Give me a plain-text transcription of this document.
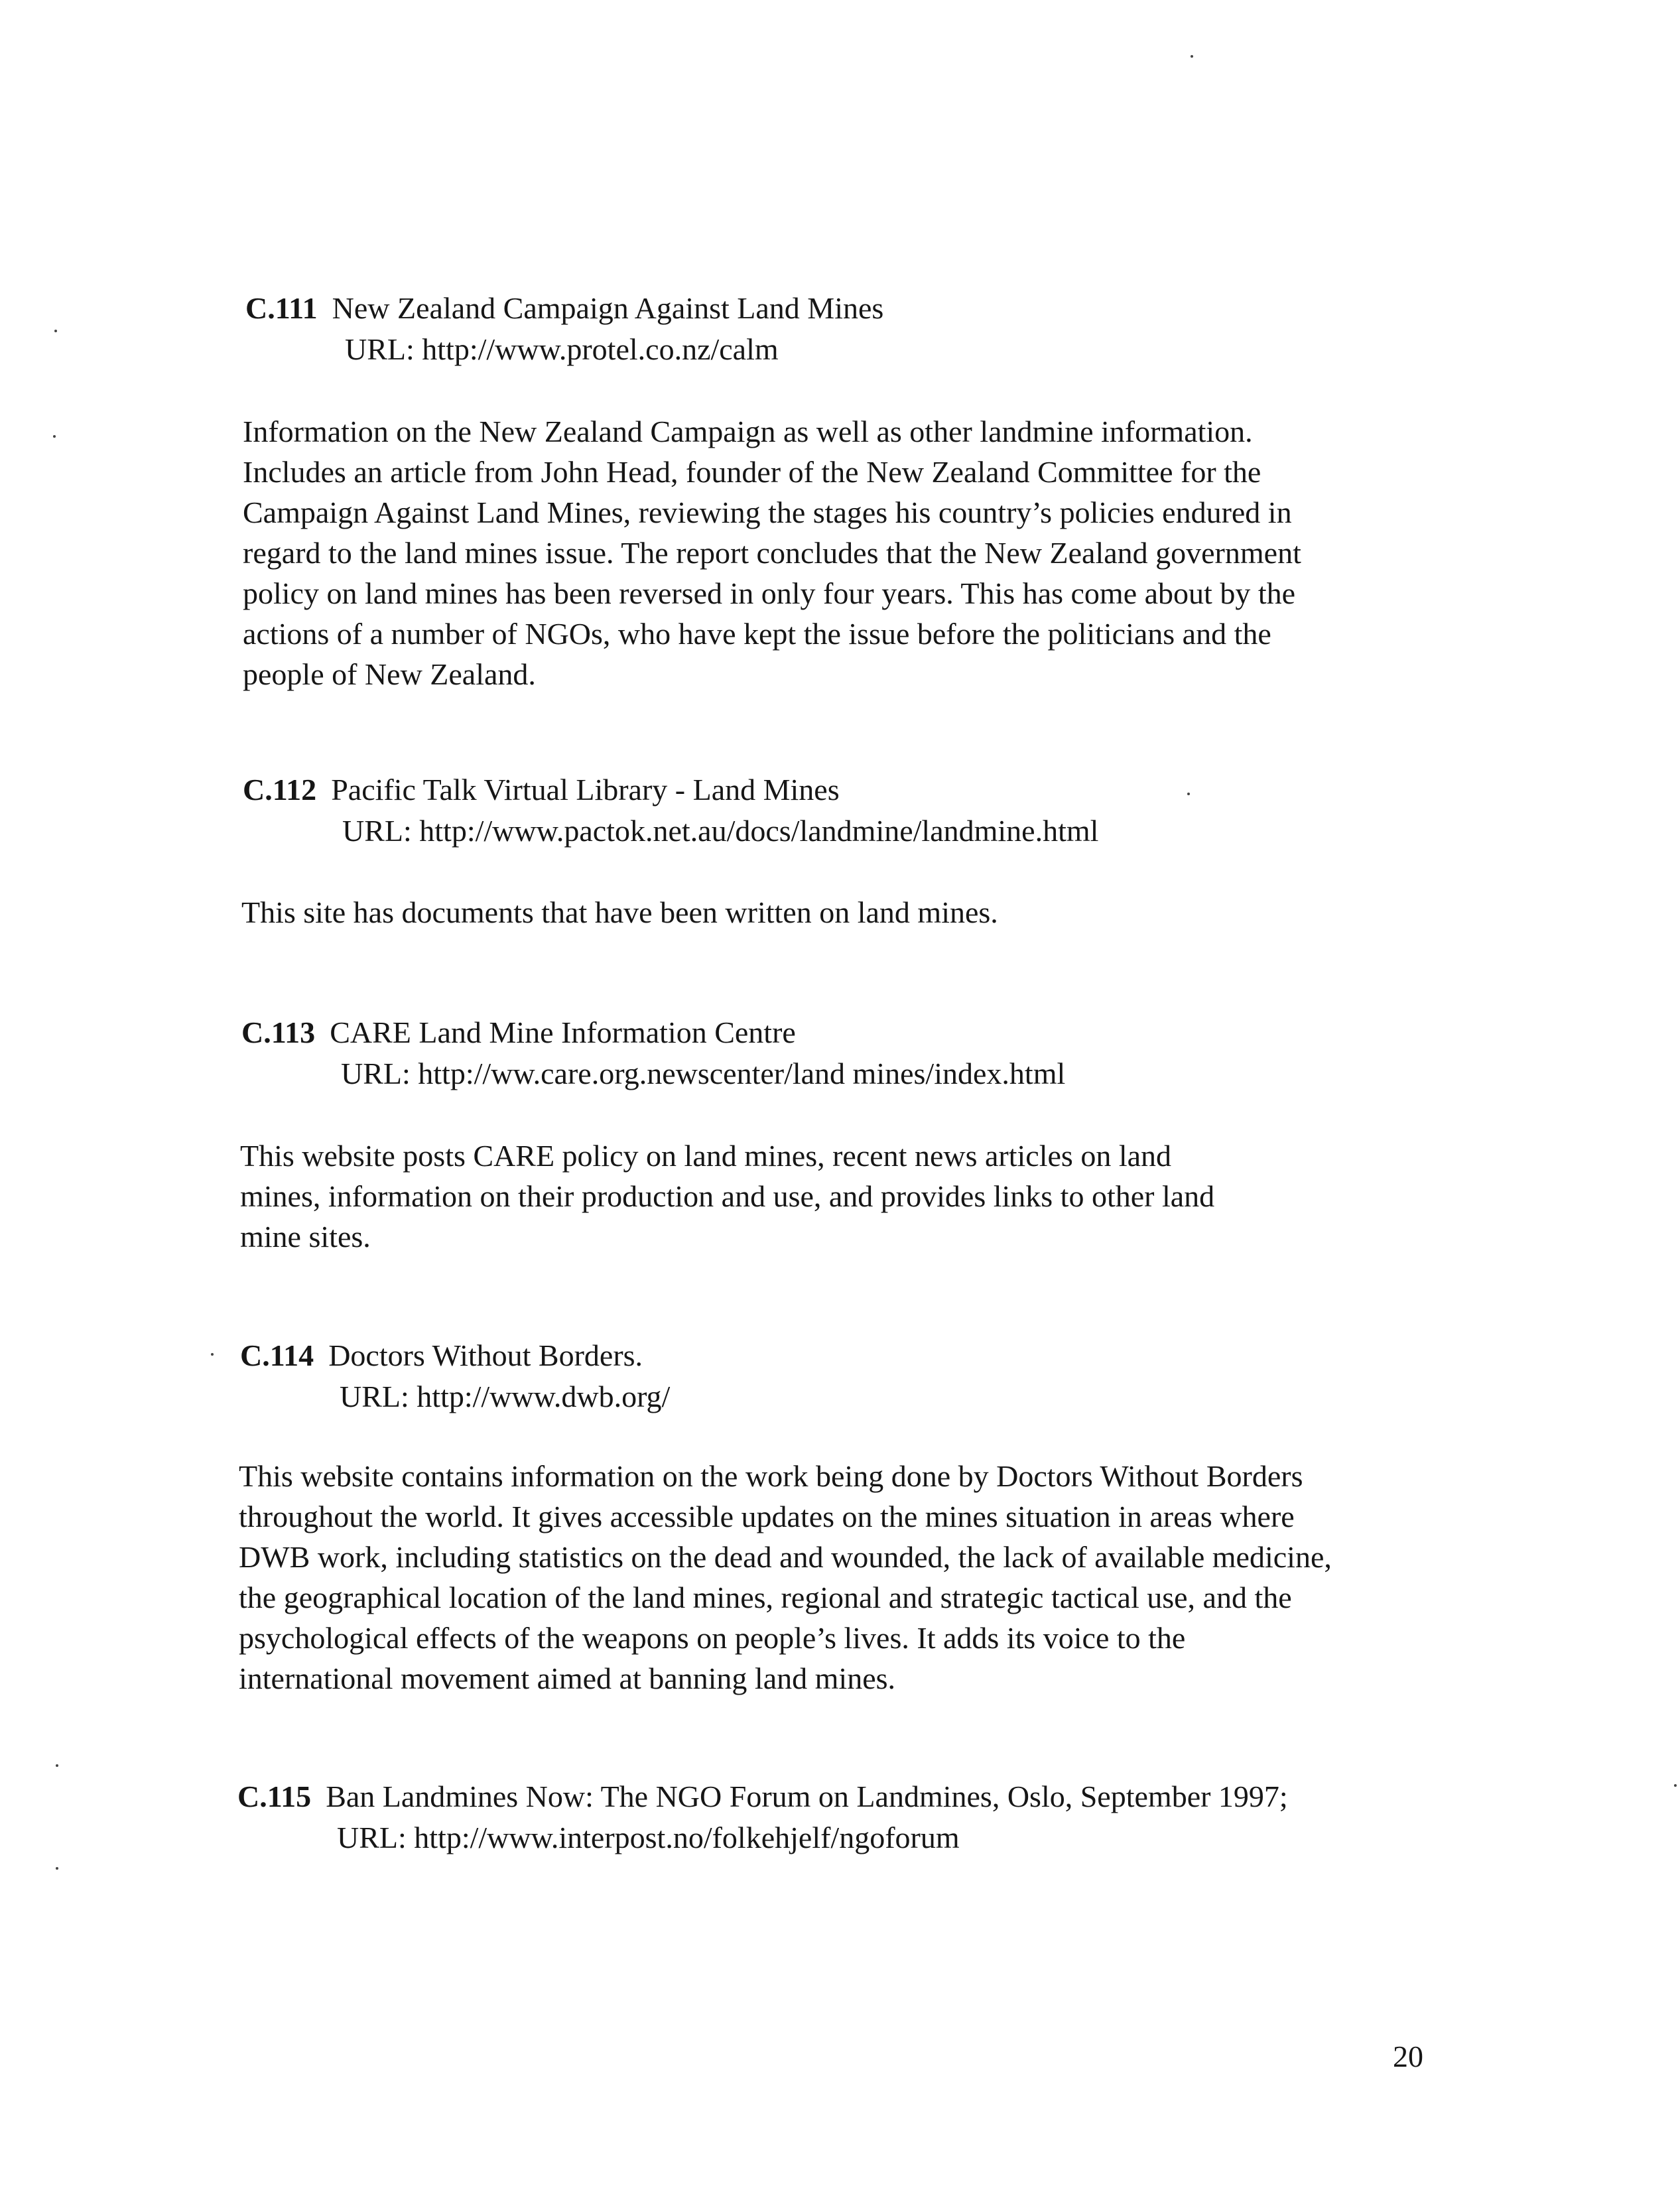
C.111 New Zealand Campaign Against Land Mines
URL: http://www.protel.co.nz/calm
Information on the New Zealand Campaign as well as other landmine information.
Includes an article from John Head, founder of the New Zealand Committee for the
Campaign Against Land Mines, reviewing the stages his country’s policies endured in
regard to the land mines issue. The report concludes that the New Zealand government
policy on land mines has been reversed in only four years. This has come about by the
actions of a number of NGOs, who have kept the issue before the politicians and the
people of New Zealand.
C.112 Pacific Talk Virtual Library - Land Mines
URL: http://www.pactok.net.au/docs/landmine/landmine.html
This site has documents that have been written on land mines.
C.113 CARE Land Mine Information Centre
URL: http://ww.care.org.newscenter/land mines/index.html
This website posts CARE policy on land mines, recent news articles on land
mines, information on their production and use, and provides links to other land
mine sites.
C.114 Doctors Without Borders.
URL: http://www.dwb.org/
This website contains information on the work being done by Doctors Without Borders
throughout the world. It gives accessible updates on the mines situation in areas where
DWB work, including statistics on the dead and wounded, the lack of available medicine,
the geographical location of the land mines, regional and strategic tactical use, and the
psychological effects of the weapons on people’s lives. It adds its voice to the
international movement aimed at banning land mines.
C.115 Ban Landmines Now: The NGO Forum on Landmines, Oslo, September 1997;
URL: http://www.interpost.no/folkehjelf/ngoforum
20
